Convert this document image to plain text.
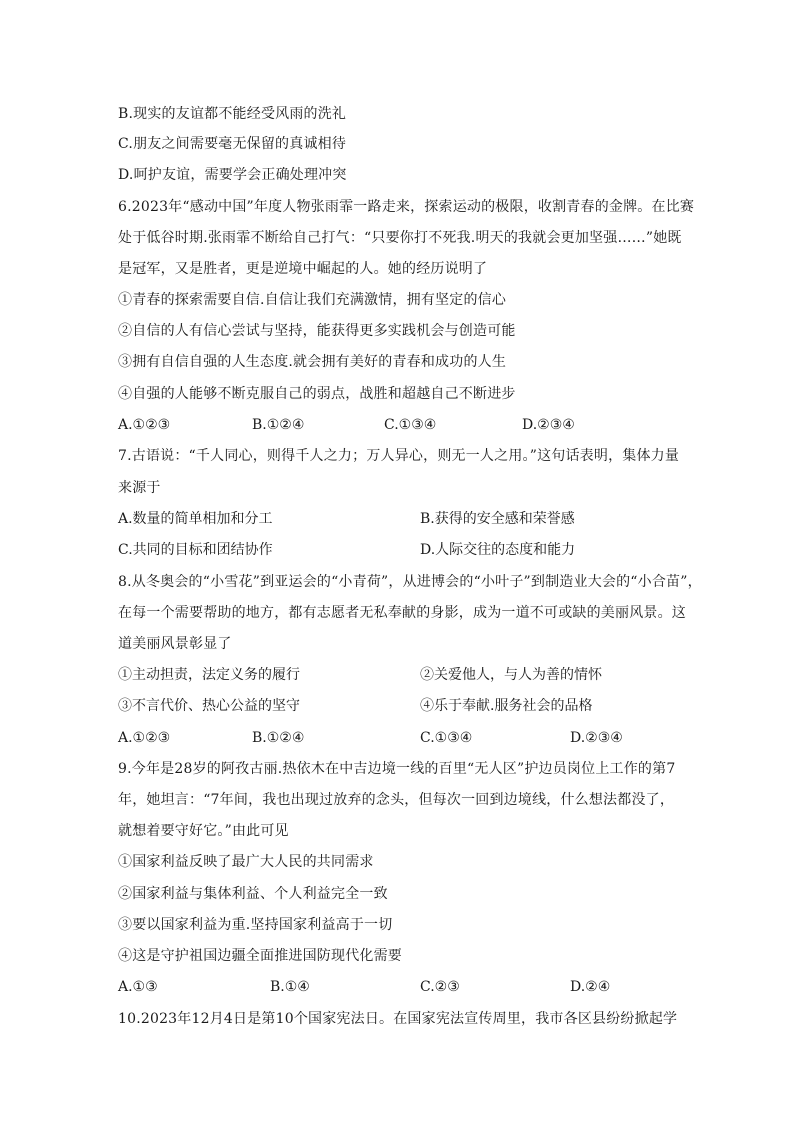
B.现实的友谊都不能经受风雨的洗礼
C.朋友之间需要毫无保留的真诚相待
D.呵护友谊，需要学会正确处理冲突
6.2023年“感动中国”年度人物张雨霏一路走来，探索运动的极限，收割青春的金牌。在比赛
处于低谷时期.张雨霏不断给自己打气：“只要你打不死我.明天的我就会更加坚强……”她既
是冠军，又是胜者，更是逆境中崛起的人。她的经历说明了
①青春的探索需要自信.自信让我们充满激情，拥有坚定的信心
②自信的人有信心尝试与坚持，能获得更多实践机会与创造可能
③拥有自信自强的人生态度.就会拥有美好的青春和成功的人生
④自强的人能够不断克服自己的弱点，战胜和超越自己不断进步
A.①②③	B.①②④	C.①③④	D.②③④
7.古语说：“千人同心，则得千人之力；万人异心，则无一人之用。”这句话表明，集体力量
来源于
A.数量的简单相加和分工	B.获得的安全感和荣誉感
C.共同的目标和团结协作	D.人际交往的态度和能力
8.从冬奥会的“小雪花”到亚运会的“小青荷”，从进博会的“小叶子”到制造业大会的“小合苗”，
在每一个需要帮助的地方，都有志愿者无私奉献的身影，成为一道不可或缺的美丽风景。这
道美丽风景彰显了
①主动担责，法定义务的履行	②关爱他人，与人为善的情怀
③不言代价、热心公益的坚守	④乐于奉献.服务社会的品格
A.①②③	B.①②④	C.①③④	D.②③④
9.今年是28岁的阿孜古丽.热依木在中吉边境一线的百里“无人区”护边员岗位上工作的第7
年，她坦言：“7年间，我也出现过放弃的念头，但每次一回到边境线，什么想法都没了，
就想着要守好它。”由此可见
①国家利益反映了最广大人民的共同需求
②国家利益与集体利益、个人利益完全一致
③要以国家利益为重.坚持国家利益高于一切
④这是守护祖国边疆全面推进国防现代化需要
A.①③	B.①④	C.②③	D.②④
10.2023年12月4日是第10个国家宪法日。在国家宪法宣传周里，我市各区县纷纷掀起学
